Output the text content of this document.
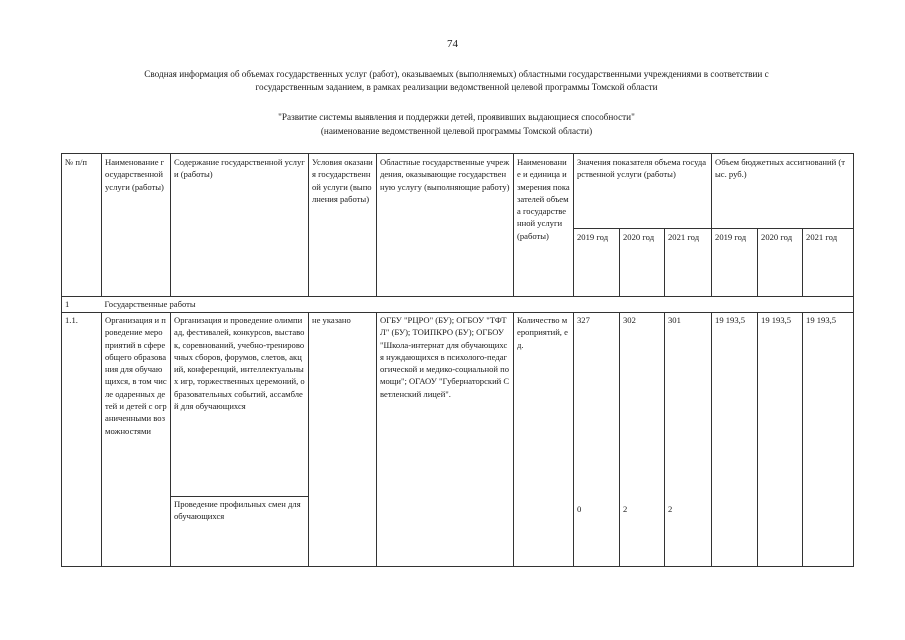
74
Сводная информация об объемах государственных услуг (работ), оказываемых (выполняемых) областными государственными учреждениями в соответствии с
государственным заданием, в рамках реализации ведомственной целевой программы Томской области
"Развитие системы выявления и поддержки детей, проявивших выдающиеся способности"
(наименование ведомственной целевой программы Томской области)
№ п/п	Наименование государственной услуги (работы)	Содержание государственной услуги (работы)	Условия оказания государственной услуги (выполнения работы)	Областные государственные учреждения, оказывающие государственную услугу (выполняющие работу)	Наименование и единица измерения показателей объема государственной услуги (работы)	Значения показателя объема государственной услуги (работы)			Объем бюджетных ассигнований (тыс. руб.)		
						2019 год	2020 год	2021 год	2019 год	2020 год	2021 год
1	Государственные работы										
1.1.	Организация и проведение мероприятий в сфере общего образования для обучающихся, в том числе одаренных детей и детей с ограниченными возможностями	Организация и проведение олимпиад, фестивалей, конкурсов, выставок, соревнований, учебно-тренировочных сборов, форумов, слетов, акций, конференций, интеллектуальных игр, торжественных церемоний, образовательных событий, ассамблей для обучающихся	не указано	ОГБУ "РЦРО" (БУ); ОГБОУ "ТФТЛ" (БУ); ТОИПКРО (БУ); ОГБОУ "Школа-интернат для обучающихся нуждающихся в психолого-педагогической и медико-социальной помощи"; ОГАОУ "Губернаторский Светленский лицей".	Количество мероприятий, ед.	327	302	301	19 193,5	19 193,5	19 193,5
		Проведение профильных смен для обучающихся				0	2	2			
